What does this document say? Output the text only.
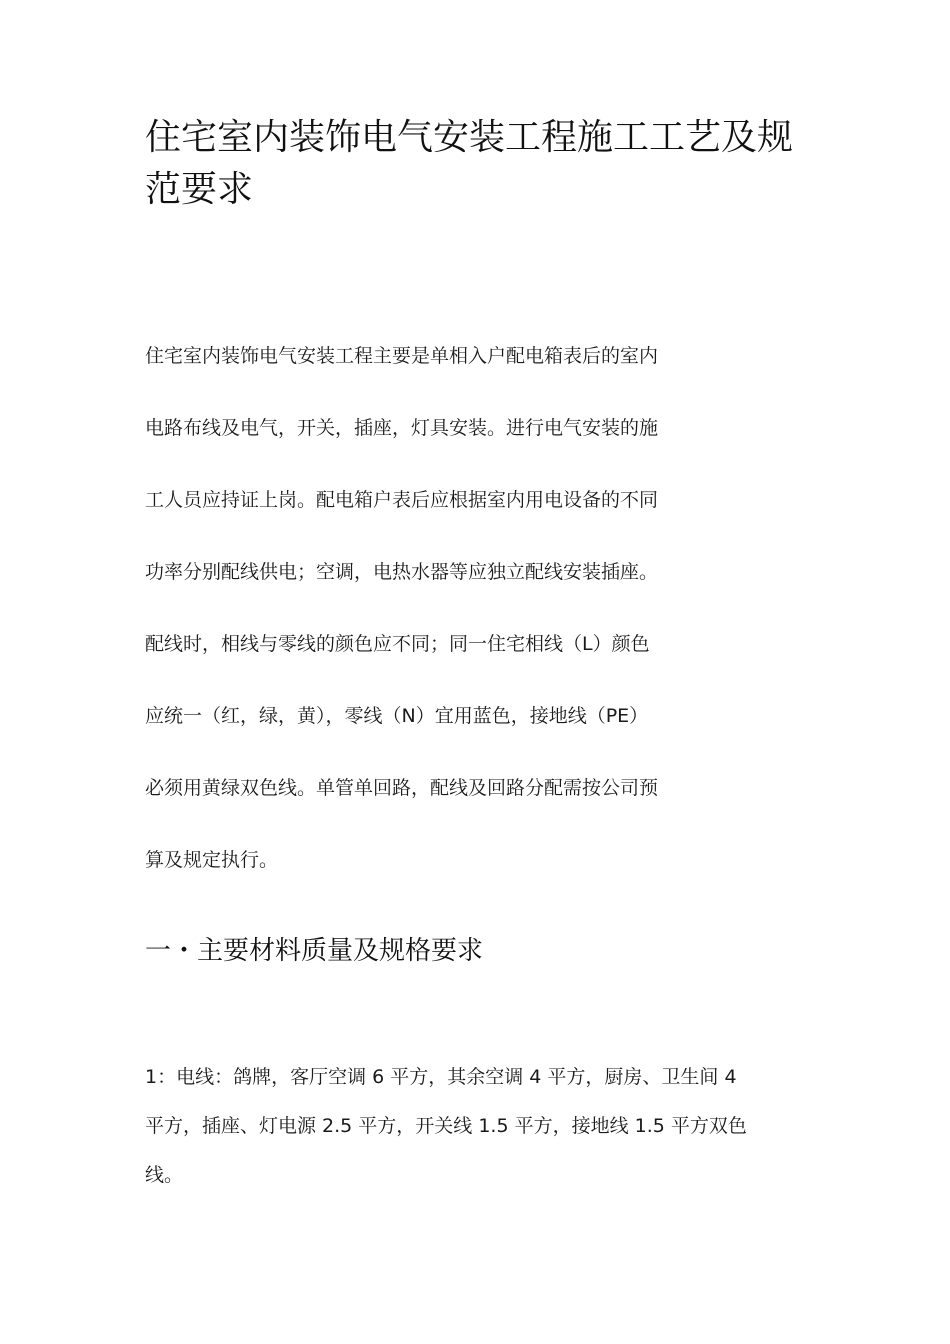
住宅室内装饰电气安装工程施工工艺及规范要求
住宅室内装饰电气安装工程主要是单相入户配电箱表后的室内
电路布线及电气，开关，插座，灯具安装。进行电气安装的施
工人员应持证上岗。配电箱户表后应根据室内用电设备的不同
功率分别配线供电；空调，电热水器等应独立配线安装插座。
配线时，相线与零线的颜色应不同；同一住宅相线（L）颜色
应统一（红，绿，黄），零线（N）宜用蓝色，接地线（PE）
必须用黄绿双色线。单管单回路，配线及回路分配需按公司预
算及规定执行。
一・主要材料质量及规格要求
1：电线：鸽牌，客厅空调 6 平方，其余空调 4 平方，厨房、卫生间 4
平方，插座、灯电源 2.5 平方，开关线 1.5 平方，接地线 1.5 平方双色
线。
